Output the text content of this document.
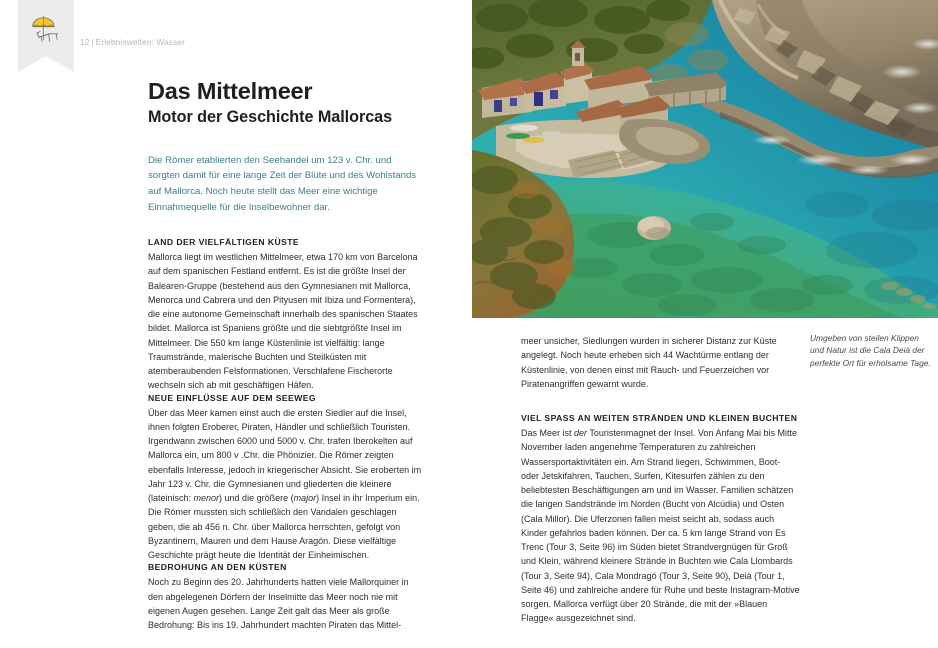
12 | Erlebniswelten: Wasser
Das Mittelmeer
Motor der Geschichte Mallorcas

Die Römer etablierten den Seehandel um 123 v. Chr. und sorgten damit für eine lange Zeit der Blüte und des Wohlstands auf Mallorca. Noch heute stellt das Meer eine wichtige Einnahmequelle für die Inselbewohner dar.

LAND DER VIELFÄLTIGEN KÜSTE

Mallorca liegt im westlichen Mittelmeer, etwa 170 km von Barcelona auf dem spanischen Festland entfernt. Es ist die größte Insel der Balearen-Gruppe (bestehend aus den Gymnesianen mit Mallorca, Menorca und Cabrera und den Pityusen mit Ibiza und Formentera), die eine autonome Gemeinschaft innerhalb des spanischen Staates bildet. Mallorca ist Spaniens größte und die siebtgrößte Insel im Mittelmeer. Die 550 km lange Küstenlinie ist vielfältig: lange Traumstrände, malerische Buchten und Steilküsten mit atemberaubenden Felsformationen. Verschlafene Fischerorte wechseln sich ab mit geschäftigen Häfen.

NEUE EINFLÜSSE AUF DEM SEEWEG

Über das Meer kamen einst auch die ersten Siedler auf die Insel, ihnen folgten Eroberer, Piraten, Händler und schließlich Touristen. Irgendwann zwischen 6000 und 5000 v. Chr. trafen Iberokelten auf Mallorca ein, um 800 v .Chr. die Phönizier. Die Römer zeigten ebenfalls Interesse, jedoch in kriegerischer Absicht. Sie eroberten im Jahr 123 v. Chr. die Gymnesianen und gliederten die kleinere (lateinisch: menor) und die größere (major) Insel in ihr Imperium ein. Die Römer mussten sich schließlich den Vandalen geschlagen geben, die ab 456 n. Chr. über Mallorca herrschten, gefolgt von Byzantinern, Mauren und dem Hause Aragón. Diese vielfältige Geschichte prägt heute die Identität der Einheimischen.

BEDROHUNG AN DEN KÜSTEN

Noch zu Beginn des 20. Jahrhunderts hatten viele Mallorquiner in den abgelegenen Dörfern der Inselmitte das Meer noch nie mit eigenen Augen gesehen. Lange Zeit galt das Meer als große Bedrohung: Bis ins 19. Jahrhundert machten Piraten das Mittel-

Umgeben von steilen Klippen und Natur ist die Cala Deià der perfekte Ort für erholsame Tage.

meer unsicher, Siedlungen wurden in sicherer Distanz zur Küste angelegt. Noch heute erheben sich 44 Wachtürme entlang der Küstenlinie, von denen einst mit Rauch- und Feuerzeichen vor Piratenangriffen gewarnt wurde.

VIEL SPASS AN WEITEN STRÄNDEN UND KLEINEN BUCHTEN

Das Meer ist der Touristenmagnet der Insel. Von Anfang Mai bis Mitte November laden angenehme Temperaturen zu zahlreichen Wassersportaktivitäten ein. Am Strand liegen, Schwimmen, Boot- oder Jetskifahren, Tauchen, Surfen, Kitesurfen zählen zu den beliebtesten Beschäftigungen am und im Wasser. Familien schätzen die langen Sandstrände im Norden (Bucht von Alcúdia) und Osten (Cala Millor). Die Uferzonen fallen meist seicht ab, sodass auch Kinder gefahrlos baden können. Der ca. 5 km lange Strand von Es Trenc (Tour 3, Seite 96) im Süden bietet Strandvergnügen für Groß und Klein, während kleinere Strände in Buchten wie Cala Llombards (Tour 3, Seite 94), Cala Mondragó (Tour 3, Seite 90), Deià (Tour 1, Seite 46) und zahlreiche andere für Ruhe und beste Instagram-Motive sorgen. Mallorca verfügt über 20 Strände, die mit der »Blauen Flagge« ausgezeichnet sind.
